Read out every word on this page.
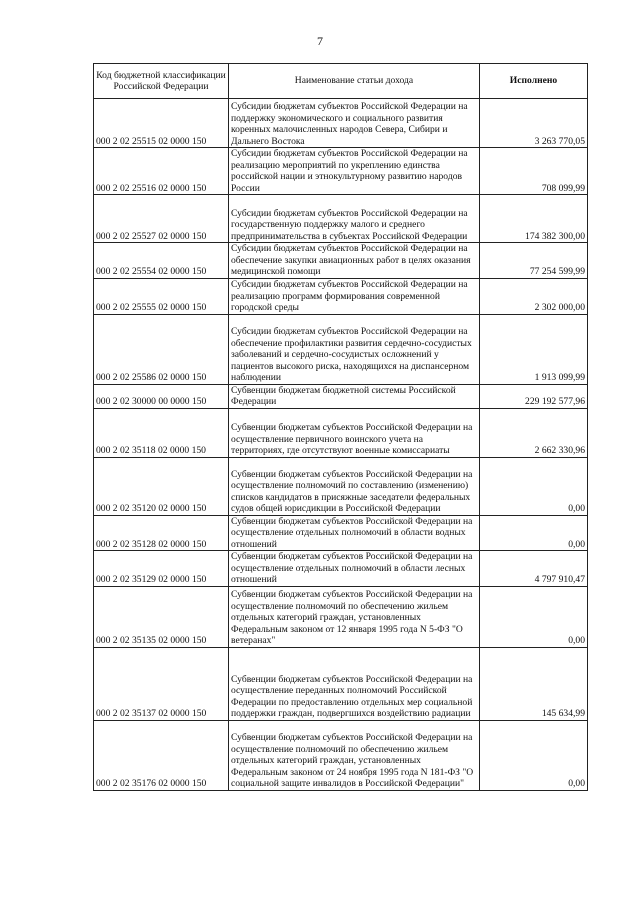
7
Код бюджетной классификации Российской Федерации	Наименование статьи дохода	Исполнено
000 2 02 25515 02 0000 150	Субсидии бюджетам субъектов Российской Федерации на поддержку экономического и социального развития коренных малочисленных народов Севера, Сибири и Дальнего Востока	3 263 770,05
000 2 02 25516 02 0000 150	Субсидии бюджетам субъектов Российской Федерации на реализацию мероприятий по укреплению единства российской нации и этнокультурному развитию народов России	708 099,99
000 2 02 25527 02 0000 150	Субсидии бюджетам субъектов Российской Федерации на государственную поддержку малого и среднего предпринимательства в субъектах Российской Федерации	174 382 300,00
000 2 02 25554 02 0000 150	Субсидии бюджетам субъектов Российской Федерации на обеспечение закупки авиационных работ в целях оказания медицинской помощи	77 254 599,99
000 2 02 25555 02 0000 150	Субсидии бюджетам субъектов Российской Федерации на реализацию программ формирования современной городской среды	2 302 000,00
000 2 02 25586 02 0000 150	Субсидии бюджетам субъектов Российской Федерации на обеспечение профилактики развития сердечно-сосудистых заболеваний и сердечно-сосудистых осложнений у пациентов высокого риска, находящихся на диспансерном наблюдении	1 913 099,99
000 2 02 30000 00 0000 150	Субвенции бюджетам бюджетной системы Российской Федерации	229 192 577,96
000 2 02 35118 02 0000 150	Субвенции бюджетам субъектов Российской Федерации на осуществление первичного воинского учета на территориях, где отсутствуют военные комиссариаты	2 662 330,96
000 2 02 35120 02 0000 150	Субвенции бюджетам субъектов Российской Федерации на осуществление полномочий по составлению (изменению) списков кандидатов в присяжные заседатели федеральных судов общей юрисдикции в Российской Федерации	0,00
000 2 02 35128 02 0000 150	Субвенции бюджетам субъектов Российской Федерации на осуществление отдельных полномочий в области водных отношений	0,00
000 2 02 35129 02 0000 150	Субвенции бюджетам субъектов Российской Федерации на осуществление отдельных полномочий в области лесных отношений	4 797 910,47
000 2 02 35135 02 0000 150	Субвенции бюджетам субъектов Российской Федерации на осуществление полномочий по обеспечению жильем отдельных категорий граждан, установленных Федеральным законом от 12 января 1995 года N 5-ФЗ "О ветеранах"	0,00
000 2 02 35137 02 0000 150	Субвенции бюджетам субъектов Российской Федерации на осуществление переданных полномочий Российской Федерации по предоставлению отдельных мер социальной поддержки граждан, подвергшихся воздействию радиации	145 634,99
000 2 02 35176 02 0000 150	Субвенции бюджетам субъектов Российской Федерации на осуществление полномочий по обеспечению жильем отдельных категорий граждан, установленных Федеральным законом от 24 ноября 1995 года N 181-ФЗ "О социальной защите инвалидов в Российской Федерации"	0,00
